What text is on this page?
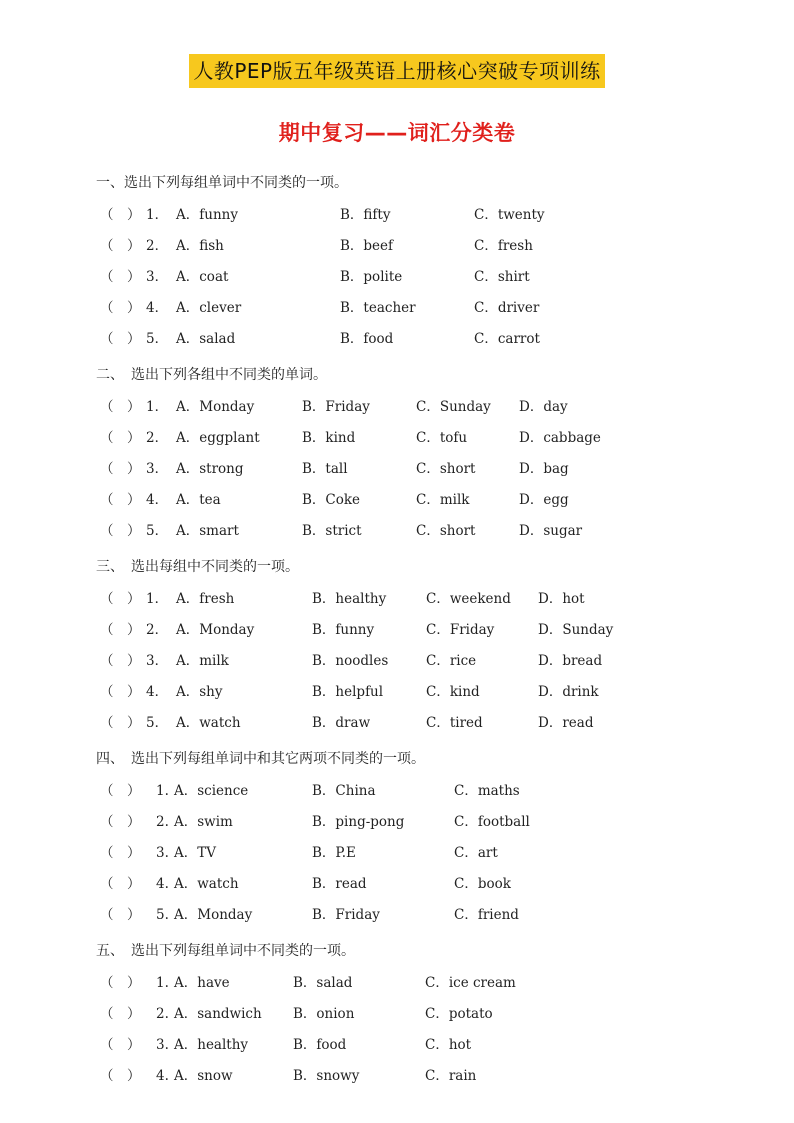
人教PEP版五年级英语上册核心突破专项训练
期中复习——词汇分类卷
一、选出下列每组单词中不同类的一项。
（　） 1． A．funny	B．fifty	C．twenty
（　） 2． A．fish	B．beef	C．fresh
（　） 3． A．coat	B．polite	C．shirt
（　） 4． A．clever	B．teacher	C．driver
（　） 5． A．salad	B．food	C．carrot
二、　选出下列各组中不同类的单词。
（　） 1． A．Monday	B．Friday	C．Sunday D．day
（　） 2． A．eggplant	B．kind	C．tofu	D．cabbage
（　） 3． A．strong	B．tall	C．short	D．bag
（　） 4． A．tea	B．Coke	C．milk	D．egg
（　） 5． A．smart	B．strict	C．short	D．sugar
三、　选出每组中不同类的一项。
（　） 1． A．fresh	B．healthy	C．weekend D．hot
（　） 2． A．Monday	B．funny	C．Friday	D．Sunday
（　） 3． A．milk	B．noodles	C．rice	D．bread
（　） 4． A．shy	B．helpful	C．kind	D．drink
（　） 5． A．watch	B．draw	C．tired	D．read
四、　选出下列每组单词中和其它两项不同类的一项。
（　） 1. A．science	B．China	C．maths
（　） 2. A．swim	B．ping-pong	C．football
（　） 3. A．TV	B．P.E	C．art
（　） 4. A．watch	B．read	C．book
（　） 5. A．Monday	B．Friday	C．friend
五、　选出下列每组单词中不同类的一项。
（　） 1. A．have	B．salad	C．ice cream
（　） 2. A．sandwich B．onion	C．potato
（　） 3. A．healthy	B．food	C．hot
（　） 4. A．snow	B．snowy	C．rain
